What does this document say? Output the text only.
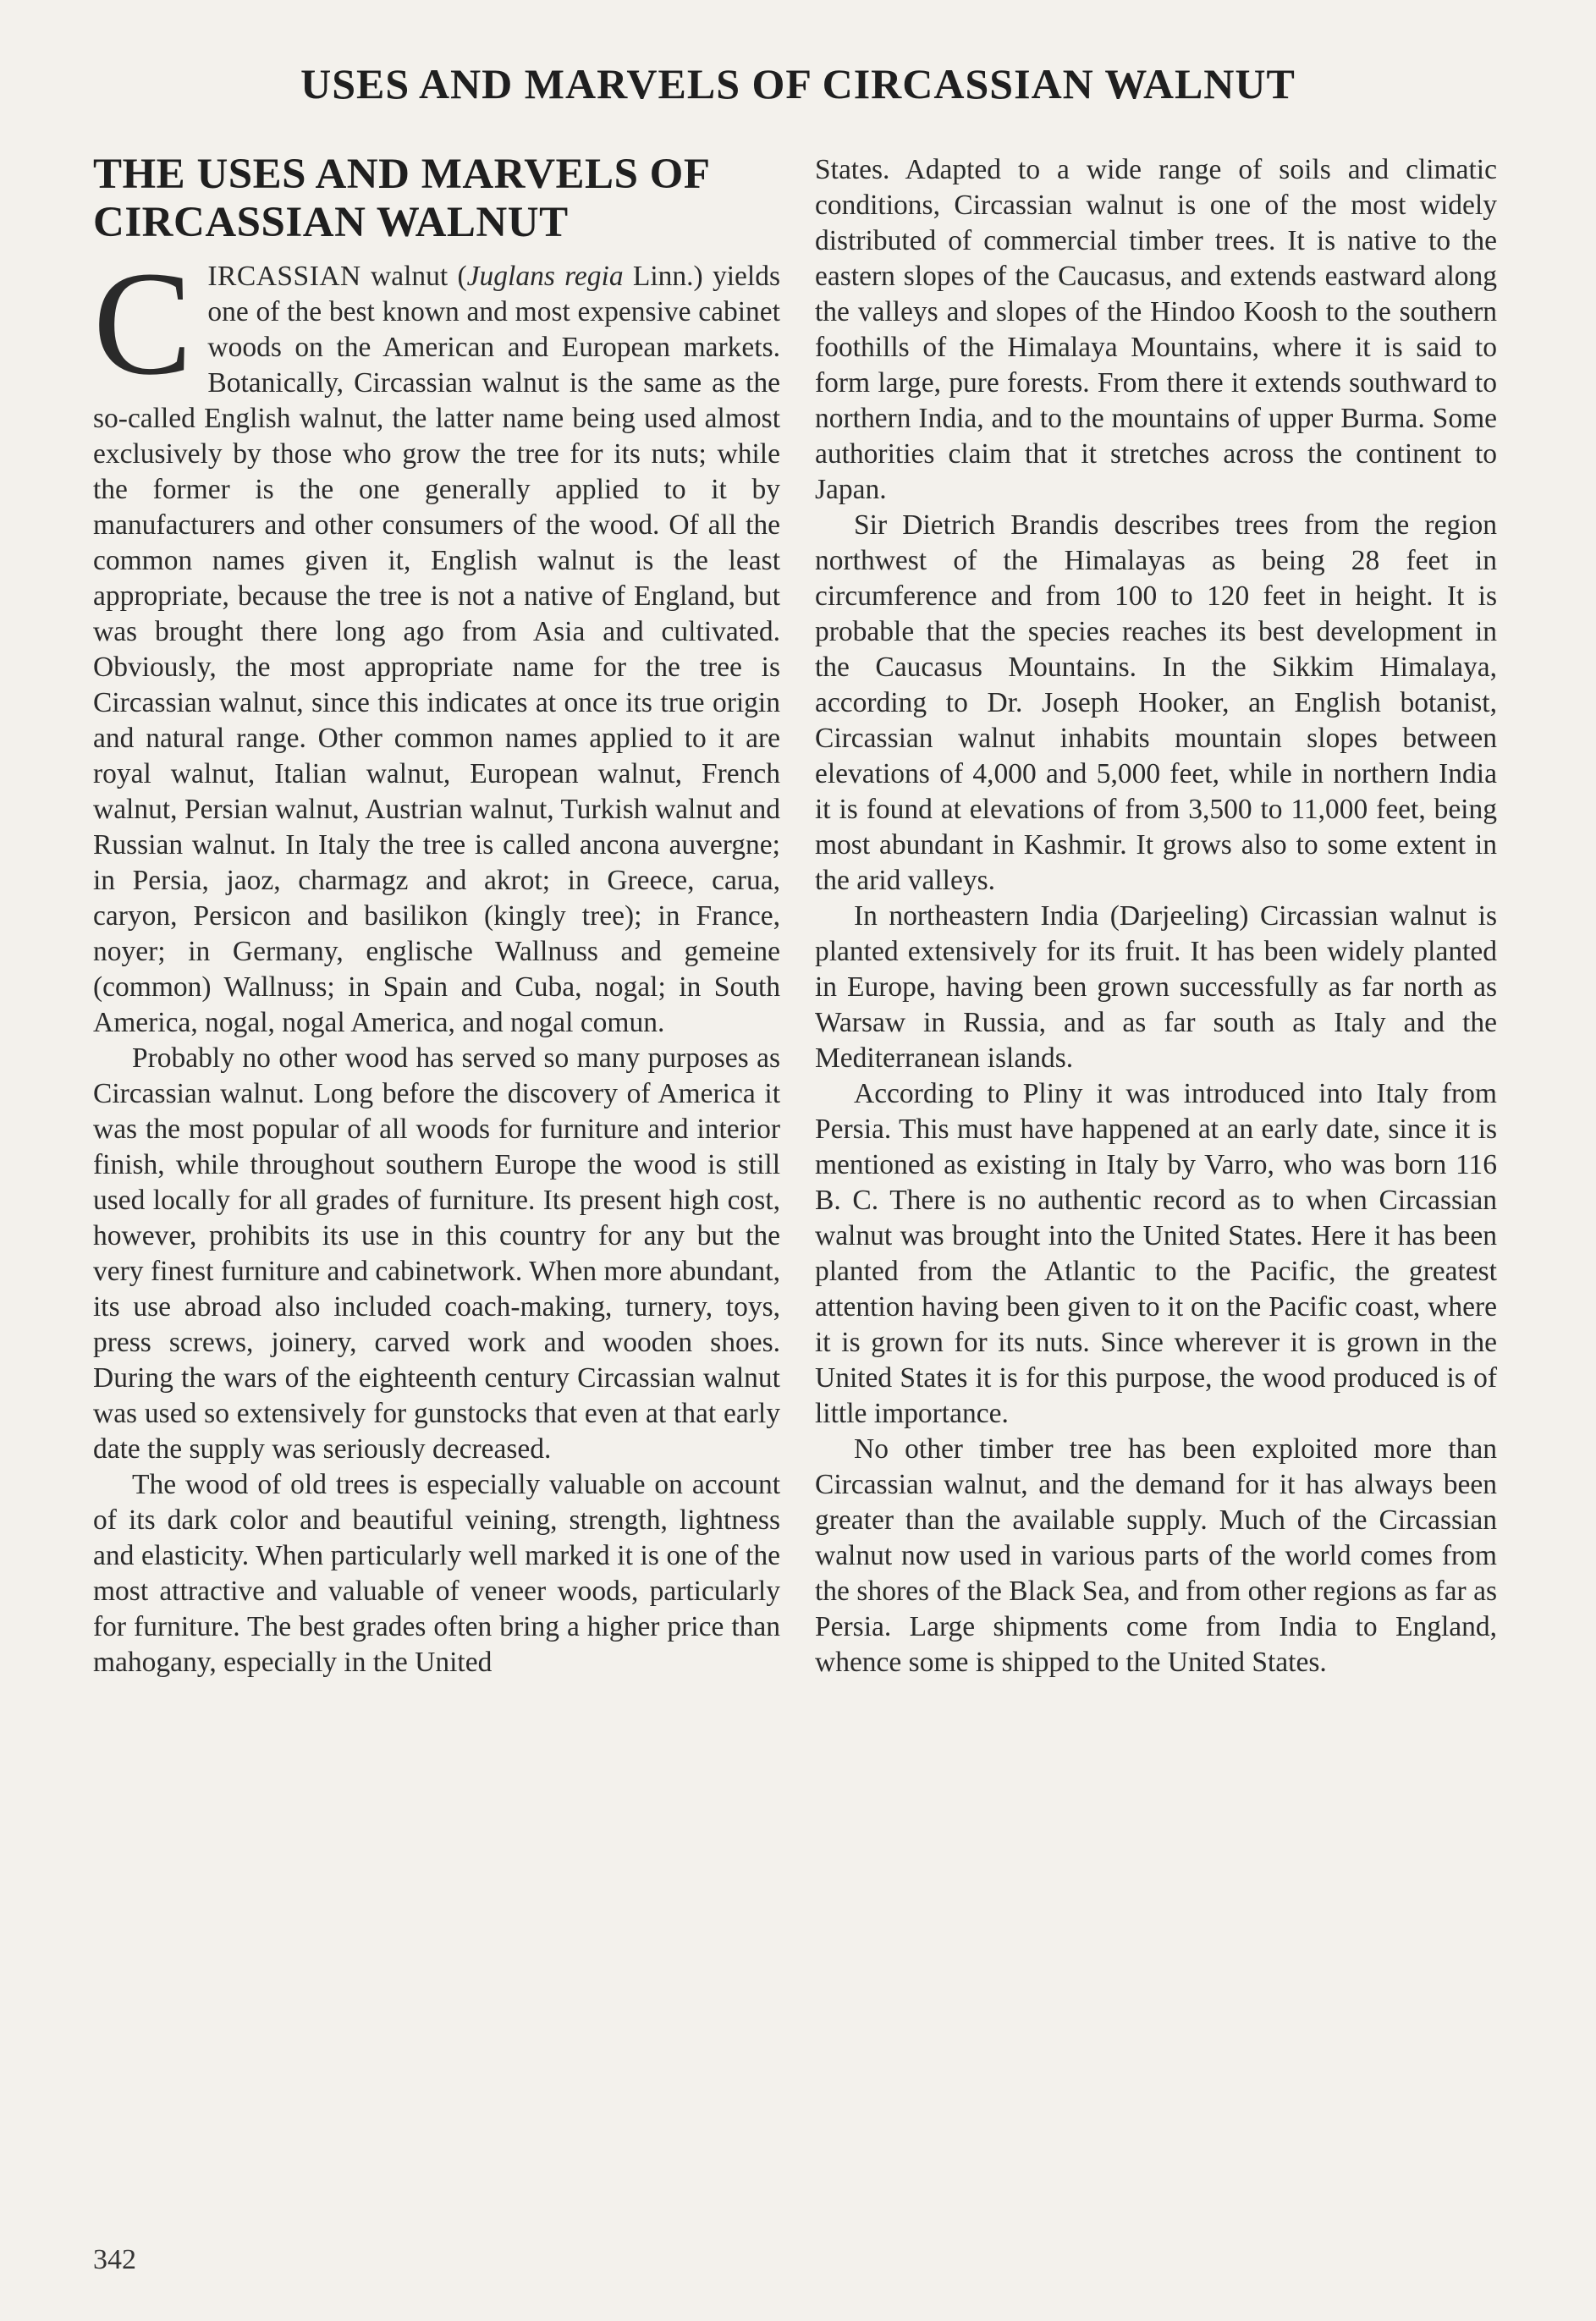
USES AND MARVELS OF CIRCASSIAN WALNUT
THE USES AND MARVELS OF CIRCASSIAN WALNUT

CIRCASSIAN walnut (Juglans regia Linn.) yields one of the best known and most expensive cabinet woods on the American and European markets. Botanically, Circassian walnut is the same as the so-called English walnut, the latter name being used almost exclusively by those who grow the tree for its nuts; while the former is the one generally applied to it by manufacturers and other consumers of the wood. Of all the common names given it, English walnut is the least appropriate, because the tree is not a native of England, but was brought there long ago from Asia and cultivated. Obviously, the most appropriate name for the tree is Circassian walnut, since this indicates at once its true origin and natural range. Other common names applied to it are royal walnut, Italian walnut, European walnut, French walnut, Persian walnut, Austrian walnut, Turkish walnut and Russian walnut. In Italy the tree is called ancona auvergne; in Persia, jaoz, charmagz and akrot; in Greece, carua, caryon, Persicon and basilikon (kingly tree); in France, noyer; in Germany, englische Wallnuss and gemeine (common) Wallnuss; in Spain and Cuba, nogal; in South America, nogal, nogal America, and nogal comun.

Probably no other wood has served so many purposes as Circassian walnut. Long before the discovery of America it was the most popular of all woods for furniture and interior finish, while throughout southern Europe the wood is still used locally for all grades of furniture. Its present high cost, however, prohibits its use in this country for any but the very finest furniture and cabinetwork. When more abundant, its use abroad also included coach-making, turnery, toys, press screws, joinery, carved work and wooden shoes. During the wars of the eighteenth century Circassian walnut was used so extensively for gunstocks that even at that early date the supply was seriously decreased.

The wood of old trees is especially valuable on account of its dark color and beautiful veining, strength, lightness and elasticity. When particularly well marked it is one of the most attractive and valuable of veneer woods, particularly for furniture. The best grades often bring a higher price than mahogany, especially in the United

States. Adapted to a wide range of soils and climatic conditions, Circassian walnut is one of the most widely distributed of commercial timber trees. It is native to the eastern slopes of the Caucasus, and extends eastward along the valleys and slopes of the Hindoo Koosh to the southern foothills of the Himalaya Mountains, where it is said to form large, pure forests. From there it extends southward to northern India, and to the mountains of upper Burma. Some authorities claim that it stretches across the continent to Japan.

Sir Dietrich Brandis describes trees from the region northwest of the Himalayas as being 28 feet in circumference and from 100 to 120 feet in height. It is probable that the species reaches its best development in the Caucasus Mountains. In the Sikkim Himalaya, according to Dr. Joseph Hooker, an English botanist, Circassian walnut inhabits mountain slopes between elevations of 4,000 and 5,000 feet, while in northern India it is found at elevations of from 3,500 to 11,000 feet, being most abundant in Kashmir. It grows also to some extent in the arid valleys.

In northeastern India (Darjeeling) Circassian walnut is planted extensively for its fruit. It has been widely planted in Europe, having been grown successfully as far north as Warsaw in Russia, and as far south as Italy and the Mediterranean islands.

According to Pliny it was introduced into Italy from Persia. This must have happened at an early date, since it is mentioned as existing in Italy by Varro, who was born 116 B. C. There is no authentic record as to when Circassian walnut was brought into the United States. Here it has been planted from the Atlantic to the Pacific, the greatest attention having been given to it on the Pacific coast, where it is grown for its nuts. Since wherever it is grown in the United States it is for this purpose, the wood produced is of little importance.

No other timber tree has been exploited more than Circassian walnut, and the demand for it has always been greater than the available supply. Much of the Circassian walnut now used in various parts of the world comes from the shores of the Black Sea, and from other regions as far as Persia. Large shipments come from India to England, whence some is shipped to the United States.

342
